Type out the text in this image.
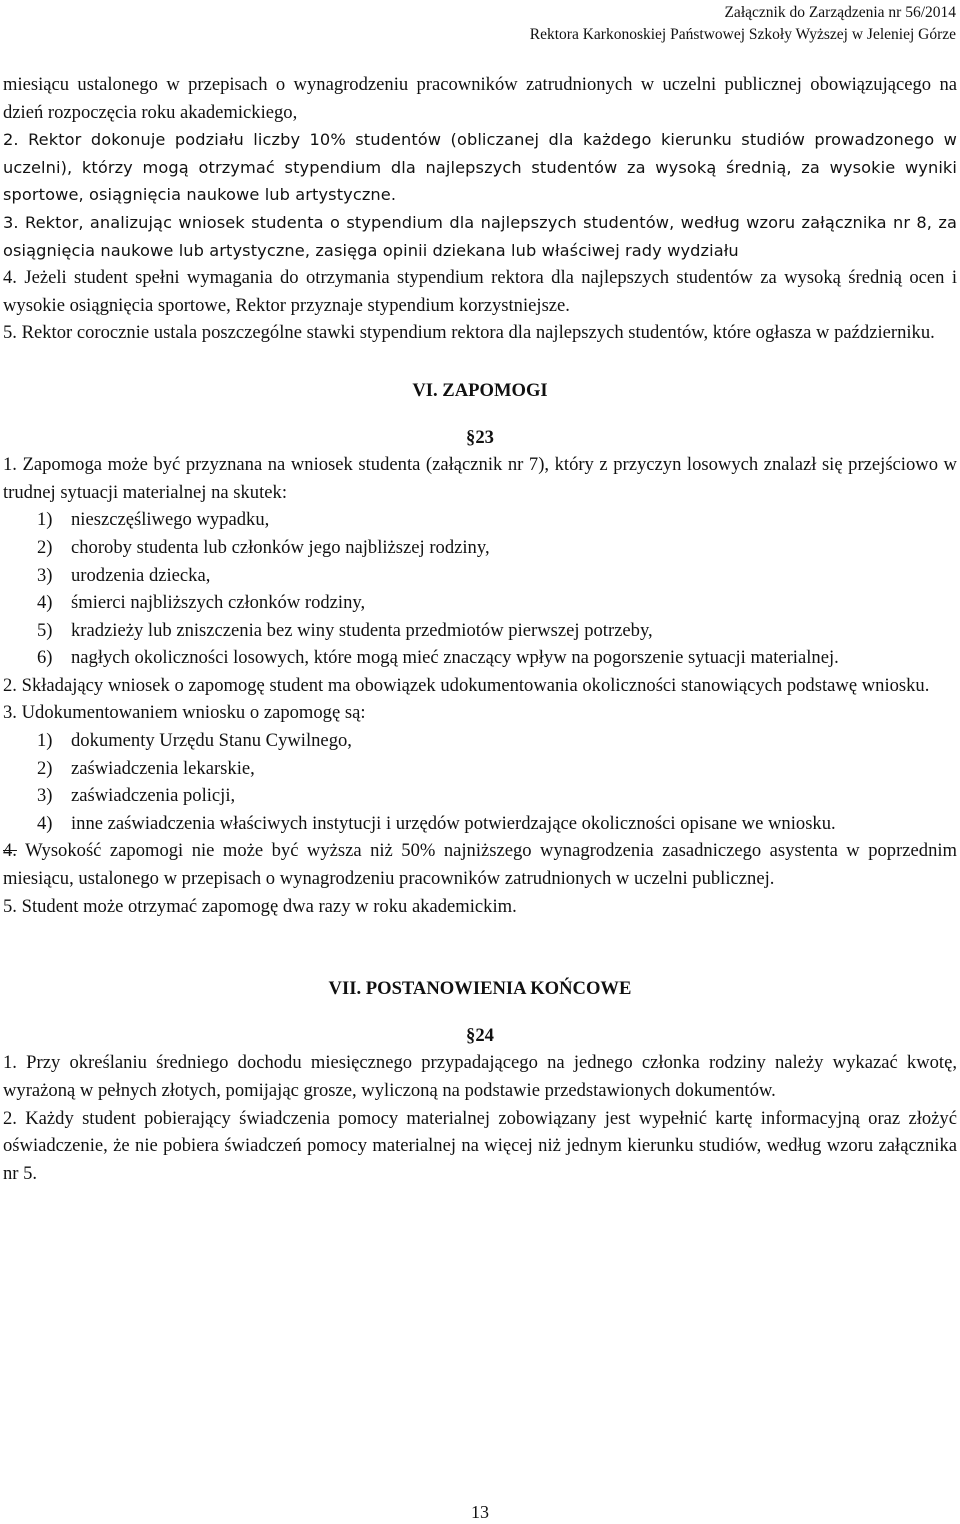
Załącznik do Zarządzenia nr 56/2014
Rektora Karkonoskiej Państwowej Szkoły Wyższej w Jeleniej Górze

miesiącu ustalonego w przepisach o wynagrodzeniu pracowników zatrudnionych w uczelni publicznej obowiązującego na dzień rozpoczęcia roku akademickiego,

2. Rektor dokonuje podziału liczby 10% studentów (obliczanej dla każdego kierunku studiów prowadzonego w uczelni), którzy mogą otrzymać stypendium dla najlepszych studentów za wysoką średnią, za wysokie wyniki sportowe, osiągnięcia naukowe lub artystyczne.

3. Rektor, analizując wniosek studenta o stypendium dla najlepszych studentów, według wzoru załącznika nr 8, za osiągnięcia naukowe lub artystyczne, zasięga opinii dziekana lub właściwej rady wydziału

4. Jeżeli student spełni wymagania do otrzymania stypendium rektora dla najlepszych studentów za wysoką średnią ocen i wysokie osiągnięcia sportowe, Rektor przyznaje stypendium korzystniejsze.

5. Rektor corocznie ustala poszczególne stawki stypendium rektora dla najlepszych studentów, które ogłasza w październiku.

VI. ZAPOMOGI

§23

1. Zapomoga może być przyznana na wniosek studenta (załącznik nr 7), który z przyczyn losowych znalazł się przejściowo w trudnej sytuacji materialnej na skutek:

1) nieszczęśliwego wypadku,
2) choroby studenta lub członków jego najbliższej rodziny,
3) urodzenia dziecka,
4) śmierci najbliższych członków rodziny,
5) kradzieży lub zniszczenia bez winy studenta przedmiotów pierwszej potrzeby,
6) nagłych okoliczności losowych, które mogą mieć znaczący wpływ na pogorszenie sytuacji materialnej.

2. Składający wniosek o zapomogę student ma obowiązek udokumentowania okoliczności stanowiących podstawę wniosku.

3. Udokumentowaniem wniosku o zapomogę są:

1) dokumenty Urzędu Stanu Cywilnego,
2) zaświadczenia lekarskie,
3) zaświadczenia policji,
4) inne zaświadczenia właściwych instytucji i urzędów potwierdzające okoliczności opisane we wniosku.

4. Wysokość zapomogi nie może być wyższa niż 50% najniższego wynagrodzenia zasadniczego asystenta w poprzednim miesiącu, ustalonego w przepisach o wynagrodzeniu pracowników zatrudnionych w uczelni publicznej.

5. Student może otrzymać zapomogę dwa razy w roku akademickim.

VII. POSTANOWIENIA KOŃCOWE

§24

1. Przy określaniu średniego dochodu miesięcznego przypadającego na jednego członka rodziny należy wykazać kwotę, wyrażoną w pełnych złotych, pomijając grosze, wyliczoną na podstawie przedstawionych dokumentów.

2. Każdy student pobierający świadczenia pomocy materialnej zobowiązany jest wypełnić kartę informacyjną oraz złożyć oświadczenie, że nie pobiera świadczeń pomocy materialnej na więcej niż jednym kierunku studiów, według wzoru załącznika nr 5.

13
